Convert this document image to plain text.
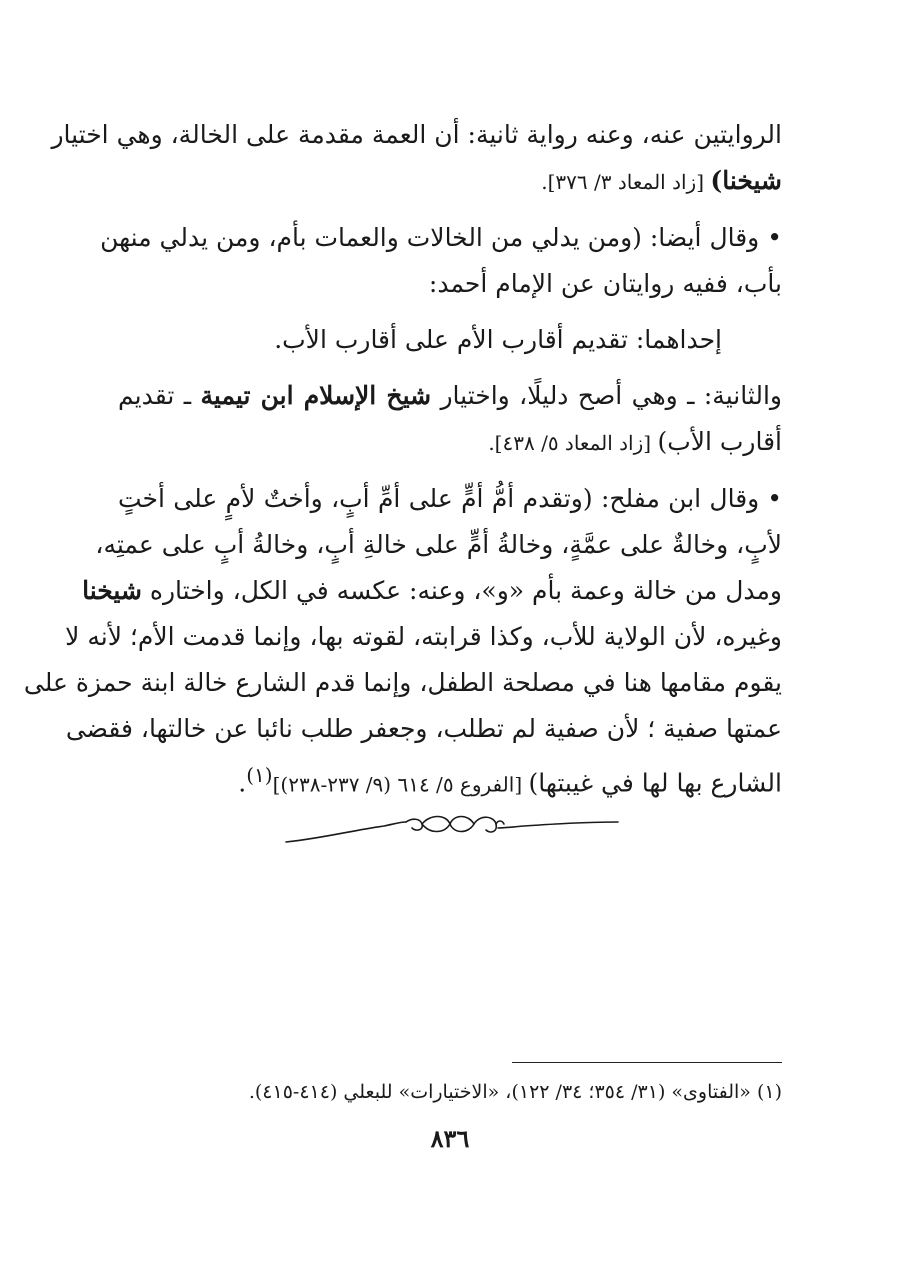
الروايتين عنه، وعنه رواية ثانية: أن العمة مقدمة على الخالة، وهي اختيار
شيخنا) [زاد المعاد ٣/ ٣٧٦].

•وقال أيضا: (ومن يدلي من الخالات والعمات بأم، ومن يدلي منهن
بأب، ففيه روايتان عن الإمام أحمد:

إحداهما: تقديم أقارب الأم على أقارب الأب.

والثانية: ـ وهي أصح دليلًا، واختيار شيخ الإسلام ابن تيمية ـ تقديم
أقارب الأب) [زاد المعاد ٥/ ٤٣٨].

•وقال ابن مفلح: (وتقدم أمُّ أمٍّ على أمِّ أبٍ، وأختٌ لأمٍ على أختٍ
لأبٍ، وخالةٌ على عمَّةٍ، وخالةُ أمٍّ على خالةِ أبٍ، وخالةُ أبٍ على عمتِه،
ومدل من خالة وعمة بأم «و»، وعنه: عكسه في الكل، واختاره شيخنا
وغيره، لأن الولاية للأب، وكذا قرابته، لقوته بها، وإنما قدمت الأم؛ لأنه لا
يقوم مقامها هنا في مصلحة الطفل، وإنما قدم الشارع خالة ابنة حمزة على
عمتها صفية ؛ لأن صفية لم تطلب، وجعفر طلب نائبا عن خالتها، فقضى
الشارع بها لها في غيبتها) [الفروع ٥/ ٦١٤ (٩/ ٢٣٧-٢٣٨)]$^{(١)}$.

(١) «الفتاوى» (٣١/ ٣٥٤؛ ٣٤/ ١٢٢)، «الاختيارات» للبعلي (٤١٤-٤١٥).
٨٣٦
